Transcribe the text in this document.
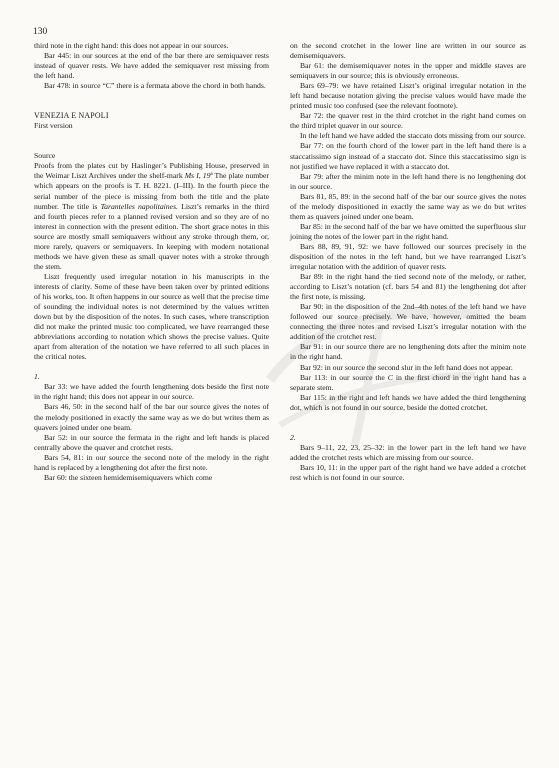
130

third note in the right hand: this does not appear in our sources.

Bar 445: in our sources at the end of the bar there are semiquaver rests instead of quaver rests. We have added the semiquaver rest missing from the left hand.

Bar 478: in source “C” there is a fermata above the chord in both hands.

VENEZIA E NAPOLI

First version

Source

Proofs from the plates cut by Haslinger’s Publishing House, preserved in the Weimar Liszt Archives under the shelf-mark Ms I, 19ª The plate number which appears on the proofs is T. H. 8221. (I–III). In the fourth piece the serial number of the piece is missing from both the title and the plate number. The title is Tarantelles napolitaines. Liszt’s remarks in the third and fourth pieces refer to a planned revised version and so they are of no interest in connection with the present edition. The short grace notes in this source are mostly small semiquavers without any stroke through them, or, more rarely, quavers or semiquavers. In keeping with modern notational methods we have given these as small quaver notes with a stroke through the stem.

Liszt frequently used irregular notation in his manuscripts in the interests of clarity. Some of these have been taken over by printed editions of his works, too. It often happens in our source as well that the precise time of sounding the individual notes is not determined by the values written down but by the disposition of the notes. In such cases, where transcription did not make the printed music too complicated, we have rearranged these abbreviations according to notation which shows the precise values. Quite apart from alteration of the notation we have referred to all such places in the critical notes.

1.

Bar 33: we have added the fourth lengthening dots beside the first note in the right hand; this does not appear in our source.

Bars 46, 50: in the second half of the bar our source gives the notes of the melody positioned in exactly the same way as we do but writes them as quavers joined under one beam.

Bar 52: in our source the fermata in the right and left hands is placed centrally above the quaver and crotchet rests.

Bars 54, 81: in our source the second note of the melody in the right hand is replaced by a lengthening dot after the first note.

Bar 60: the sixteen hemidemisemiquavers which come

on the second crotchet in the lower line are written in our source as demisemiquavers.

Bar 61: the demisemiquaver notes in the upper and middle staves are semiquavers in our source; this is obviously erroneous.

Bars 69–79: we have retained Liszt’s original irregular notation in the left hand because notation giving the precise values would have made the printed music too confused (see the relevant footnote).

Bar 72: the quaver rest in the third crotchet in the right hand comes on the third triplet quaver in our source.

In the left hand we have added the staccato dots missing from our source.

Bar 77: on the fourth chord of the lower part in the left hand there is a staccatissimo sign instead of a staccato dot. Since this staccatissimo sign is not justified we have replaced it with a staccato dot.

Bar 79: after the minim note in the left hand there is no lengthening dot in our source.

Bars 81, 85, 89: in the second half of the bar our source gives the notes of the melody dispositioned in exactly the same way as we do but writes them as quavers joined under one beam.

Bar 85: in the second half of the bar we have omitted the superfluous slur joining the notes of the lower part in the right hand.

Bars 88, 89, 91, 92: we have followed our sources precisely in the disposition of the notes in the left hand, but we have rearranged Liszt’s irregular notation with the addition of quaver rests.

Bar 89: in the right hand the tied second note of the melody, or rather, according to Liszt’s notation (cf. bars 54 and 81) the lengthening dot after the first note, is missing.

Bar 90: in the disposition of the 2nd–4th notes of the left hand we have followed our source precisely. We have, however, omitted the beam connecting the three notes and revised Liszt’s irregular notation with the addition of the crotchet rest.

Bar 91: in our source there are no lengthening dots after the minim note in the right hand.

Bar 92: in our source the second slur in the left hand does not appear.

Bar 113: in our source the C in the first chord in the right hand has a separate stem.

Bar 115: in the right and left hands we have added the third lengthening dot, which is not found in our source, beside the dotted crotchet.

2.

Bars 9–11, 22, 23, 25–32: in the lower part in the left hand we have added the crotchet rests which are missing from our source.

Bars 10, 11: in the upper part of the right hand we have added a crotchet rest which is not found in our source.
